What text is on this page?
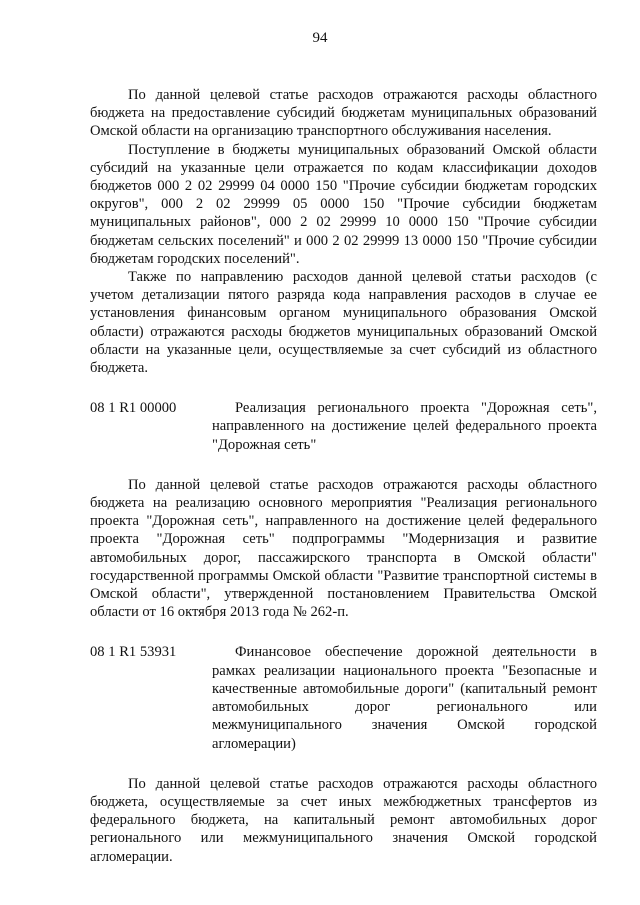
94

По данной целевой статье расходов отражаются расходы областного бюджета на предоставление субсидий бюджетам муниципальных образований Омской области на организацию транспортного обслуживания населения.

Поступление в бюджеты муниципальных образований Омской области субсидий на указанные цели отражается по кодам классификации доходов бюджетов 000 2 02 29999 04 0000 150 "Прочие субсидии бюджетам городских округов", 000 2 02 29999 05 0000 150 "Прочие субсидии бюджетам муниципальных районов", 000 2 02 29999 10 0000 150 "Прочие субсидии бюджетам сельских поселений" и 000 2 02 29999 13 0000 150 "Прочие субсидии бюджетам городских поселений".

Также по направлению расходов данной целевой статьи расходов (с учетом детализации пятого разряда кода направления расходов в случае ее установления финансовым органом муниципального образования Омской области) отражаются расходы бюджетов муниципальных образований Омской области на указанные цели, осуществляемые за счет субсидий из областного бюджета.

08 1 R1 00000	Реализация регионального проекта "Дорожная сеть", направленного на достижение целей федерального проекта "Дорожная сеть"

По данной целевой статье расходов отражаются расходы областного бюджета на реализацию основного мероприятия "Реализация регионального проекта "Дорожная сеть", направленного на достижение целей федерального проекта "Дорожная сеть" подпрограммы "Модернизация и развитие автомобильных дорог, пассажирского транспорта в Омской области" государственной программы Омской области "Развитие транспортной системы в Омской области", утвержденной постановлением Правительства Омской области от 16 октября 2013 года № 262-п.

08 1 R1 53931	Финансовое обеспечение дорожной деятельности в рамках реализации национального проекта "Безопасные и качественные автомобильные дороги" (капитальный ремонт автомобильных дорог регионального или межмуниципального значения Омской городской агломерации)

По данной целевой статье расходов отражаются расходы областного бюджета, осуществляемые за счет иных межбюджетных трансфертов из федерального бюджета, на капитальный ремонт автомобильных дорог регионального или межмуниципального значения Омской городской агломерации.
